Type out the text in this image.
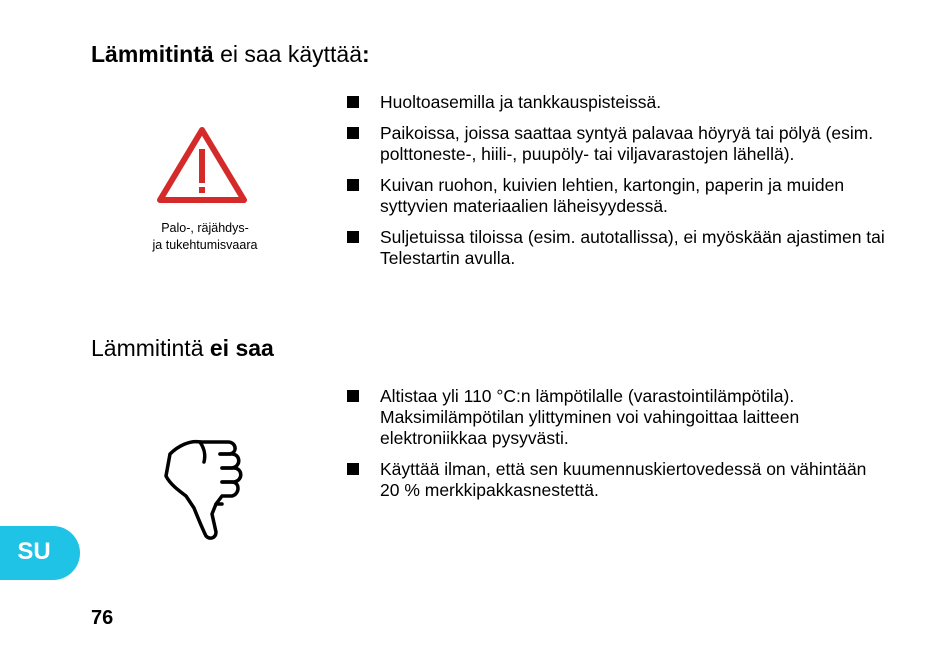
Lämmitintä ei saa käyttää:
Palo-, räjähdys-
ja tukehtumisvaara
Huoltoasemilla ja tankkauspisteissä.
Paikoissa, joissa saattaa syntyä palavaa höyryä tai pölyä (esim. polttoneste-, hiili-, puupöly- tai viljavarastojen lähellä).
Kuivan ruohon, kuivien lehtien, kartongin, paperin ja muiden syttyvien materiaalien läheisyydessä.
Suljetuissa tiloissa (esim. autotallissa), ei myöskään ajastimen tai Telestartin avulla.
Lämmitintä ei saa
Altistaa yli 110 °C:n lämpötilalle (varastointilämpötila). Maksimilämpötilan ylittyminen voi vahingoittaa laitteen elektroniikkaa pysyvästi.
Käyttää ilman, että sen kuumennuskiertovedessä on vähintään 20 % merkkipakkasnestettä.
SU
76
